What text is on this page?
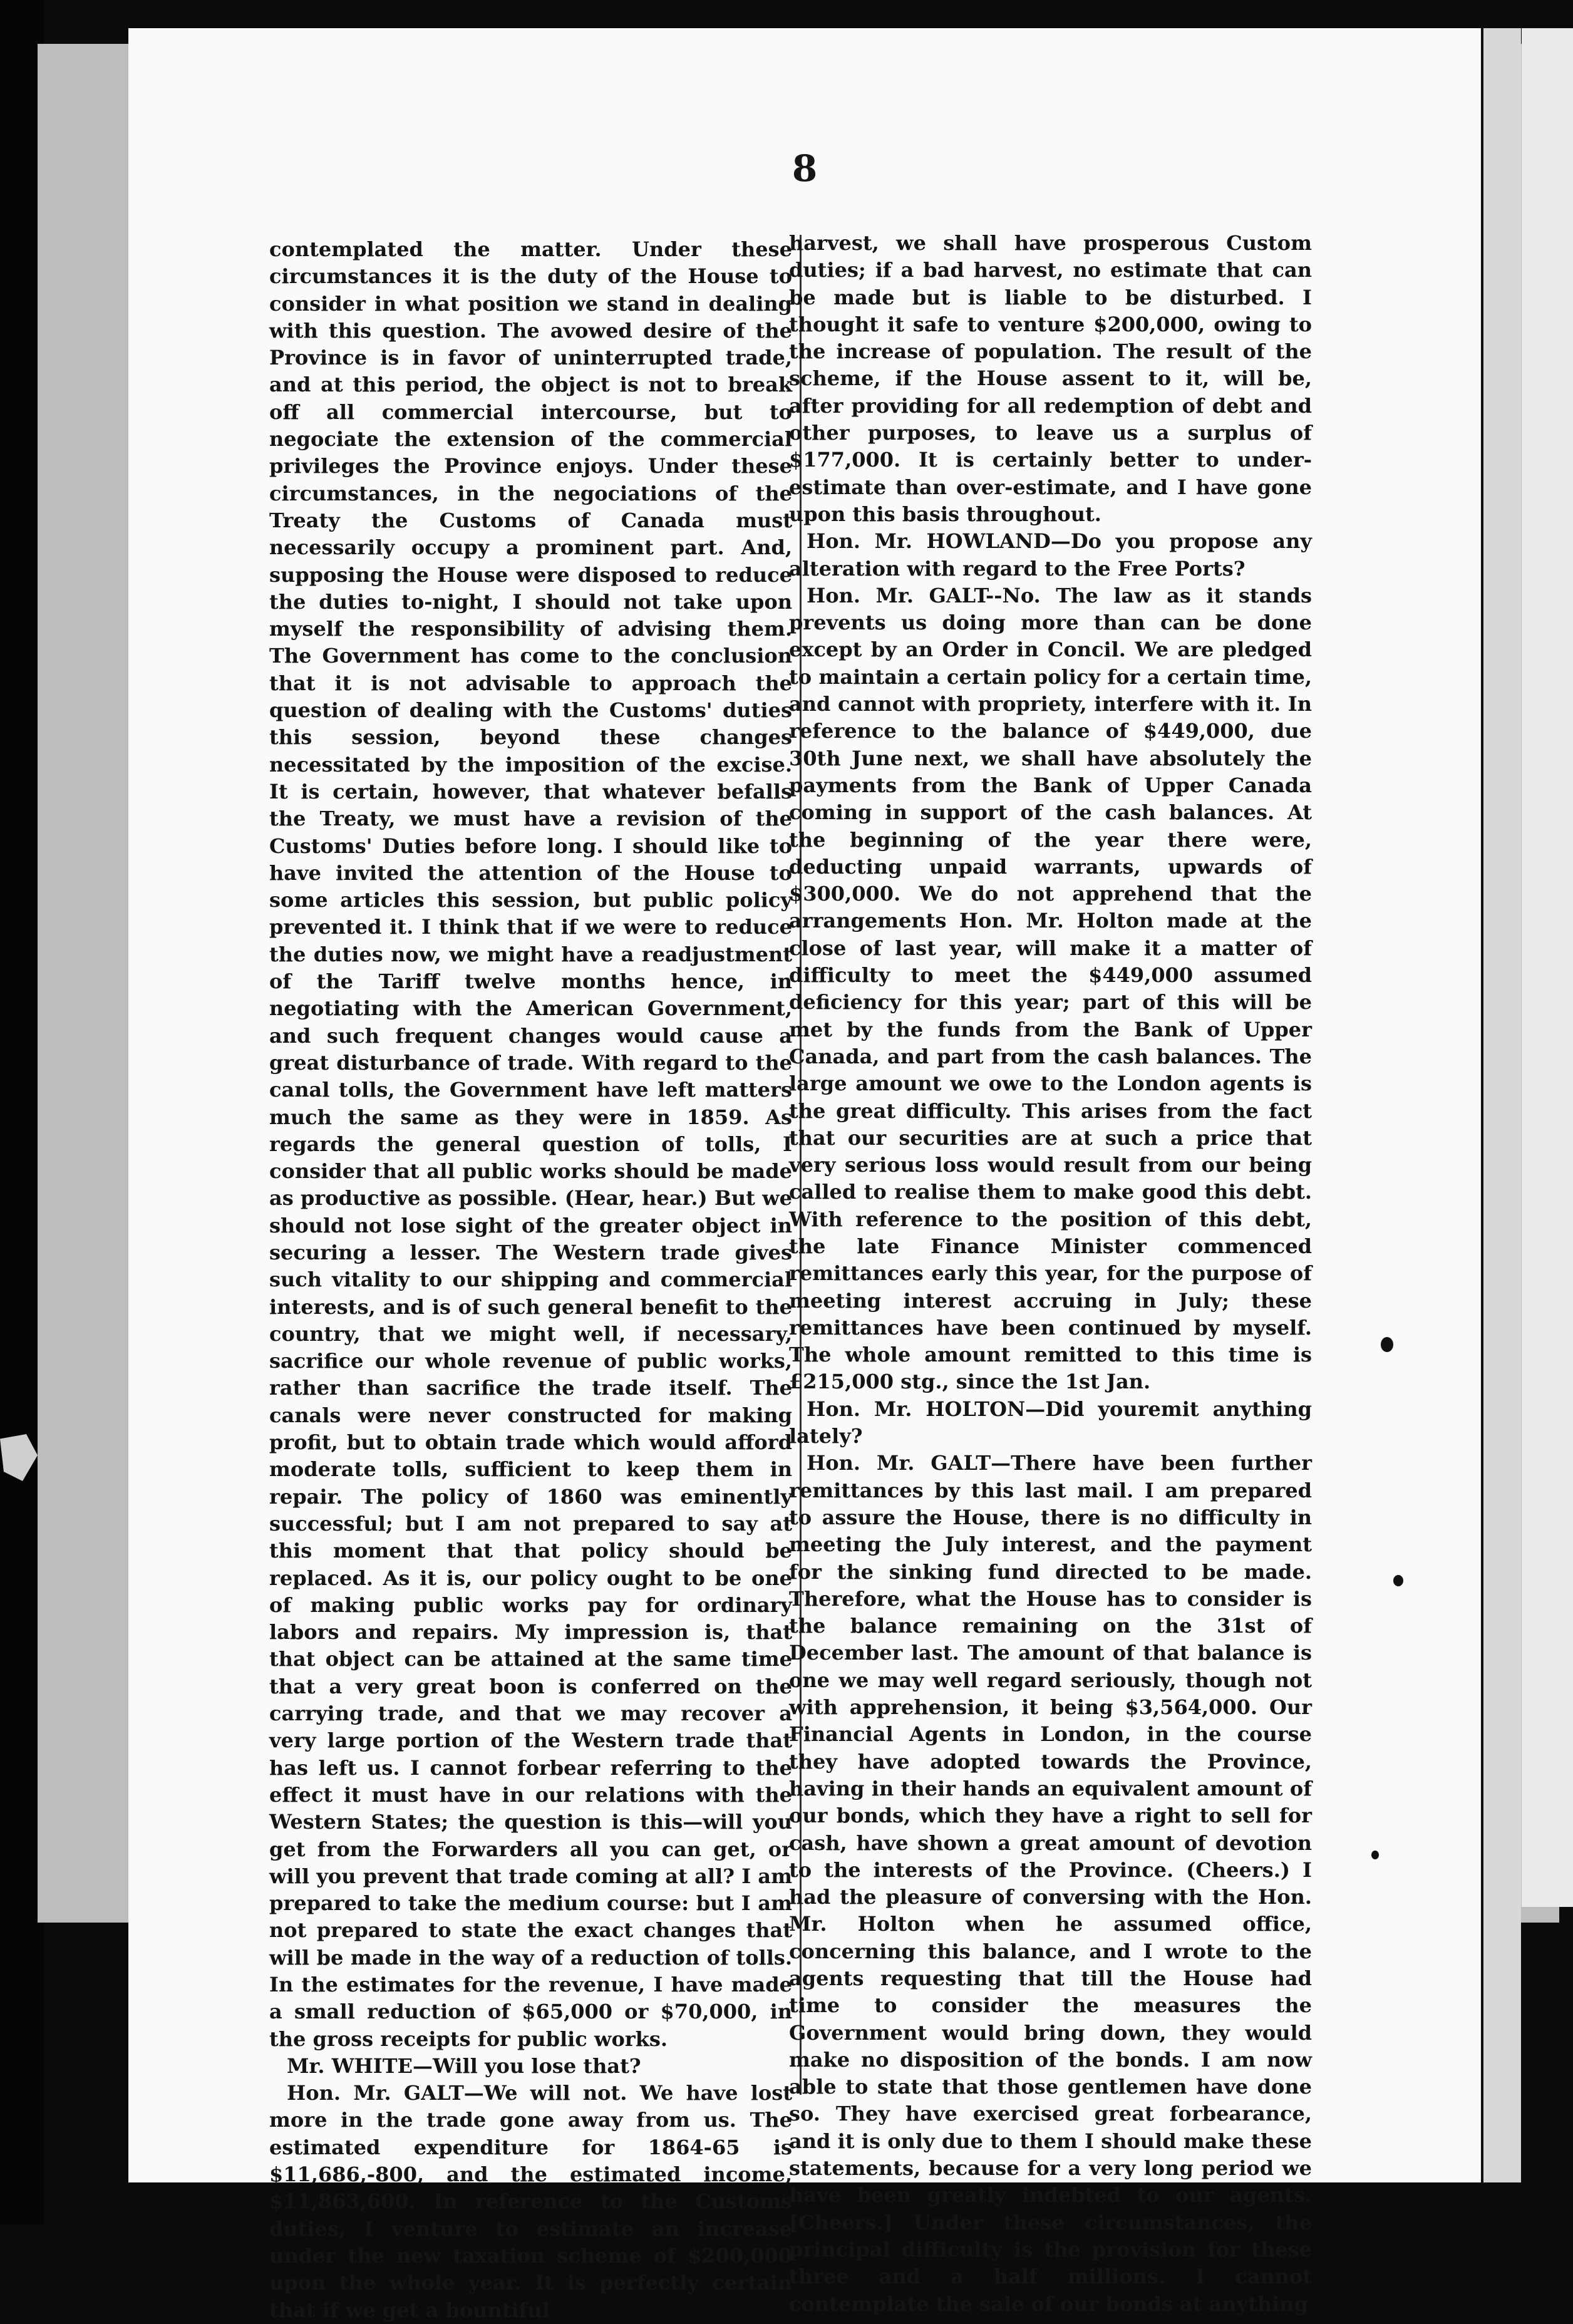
8

contemplated the matter. Under these circumstances it is the duty of the House to consider in what position we stand in dealing with this question. The avowed desire of the Province is in favor of uninterrupted trade, and at this period, the object is not to break off all commercial intercourse, but to negociate the extension of the commercial privileges the Province enjoys. Under these circumstances, in the negociations of the Treaty the Customs of Canada must necessarily occupy a prominent part. And, supposing the House were disposed to reduce the duties to-night, I should not take upon myself the responsibility of advising them. The Government has come to the conclusion that it is not advisable to approach the question of dealing with the Customs' duties this session, beyond these changes necessitated by the imposition of the excise. It is certain, however, that whatever befalls the Treaty, we must have a revision of the Customs' Duties before long. I should like to have invited the attention of the House to some articles this session, but public policy prevented it. I think that if we were to reduce the duties now, we might have a readjustment of the Tariff twelve months hence, in negotiating with the American Government, and such frequent changes would cause a great disturbance of trade. With regard to the canal tolls, the Government have left matters much the same as they were in 1859. As regards the general question of tolls, I consider that all public works should be made as productive as possible. (Hear, hear.) But we should not lose sight of the greater object in securing a lesser. The Western trade gives such vitality to our shipping and commercial interests, and is of such general benefit to the country, that we might well, if necessary, sacrifice our whole revenue of public works, rather than sacrifice the trade itself. The canals were never constructed for making profit, but to obtain trade which would afford moderate tolls, sufficient to keep them in repair. The policy of 1860 was eminently successful; but I am not prepared to say at this moment that that policy should be replaced. As it is, our policy ought to be one of making public works pay for ordinary labors and repairs. My impression is, that that object can be attained at the same time that a very great boon is conferred on the carrying trade, and that we may recover a very large portion of the Western trade that has left us. I cannot forbear referring to the effect it must have in our relations with the Western States; the question is this—will you get from the Forwarders all you can get, or will you prevent that trade coming at all? I am prepared to take the medium course: but I am not prepared to state the exact changes that will be made in the way of a reduction of tolls. In the estimates for the revenue, I have made a small reduction of $65,000 or $70,000, in the gross receipts for public works.

Mr. WHITE—Will you lose that?

Hon. Mr. GALT—We will not. We have lost more in the trade gone away from us. The estimated expenditure for 1864-65 is $11,686,-800, and the estimated income, $11,863,600. In reference to the Customs duties, I venture to estimate an increase under the new taxation scheme of $200,000 upon the whole year. It is perfectly certain that if we get a bountiful

harvest, we shall have prosperous Custom duties; if a bad harvest, no estimate that can be made but is liable to be disturbed. I thought it safe to venture $200,000, owing to the increase of population. The result of the scheme, if the House assent to it, will be, after providing for all redemption of debt and other purposes, to leave us a surplus of $177,000. It is certainly better to under-estimate than over-estimate, and I have gone upon this basis throughout.

Hon. Mr. HOWLAND—Do you propose any alteration with regard to the Free Ports?

Hon. Mr. GALT--No. The law as it stands prevents us doing more than can be done except by an Order in Concil. We are pledged to maintain a certain policy for a certain time, and cannot with propriety, interfere with it. In reference to the balance of $449,000, due 30th June next, we shall have absolutely the payments from the Bank of Upper Canada coming in support of the cash balances. At the beginning of the year there were, deducting unpaid warrants, upwards of $300,000. We do not apprehend that the arrangements Hon. Mr. Holton made at the close of last year, will make it a matter of difficulty to meet the $449,000 assumed deficiency for this year; part of this will be met by the funds from the Bank of Upper Canada, and part from the cash balances. The large amount we owe to the London agents is the great difficulty. This arises from the fact that our securities are at such a price that very serious loss would result from our being called to realise them to make good this debt. With reference to the position of this debt, the late Finance Minister commenced remittances early this year, for the purpose of meeting interest accruing in July; these remittances have been continued by myself. The whole amount remitted to this time is £215,000 stg., since the 1st Jan.

Hon. Mr. HOLTON—Did youremit anything lately?

Hon. Mr. GALT—There have been further remittances by this last mail. I am prepared to assure the House, there is no difficulty in meeting the July interest, and the payment for the sinking fund directed to be made. Therefore, what the House has to consider is the balance remaining on the 31st of December last. The amount of that balance is one we may well regard seriously, though not with apprehension, it being $3,564,000. Our Financial Agents in London, in the course they have adopted towards the Province, having in their hands an equivalent amount of our bonds, which they have a right to sell for cash, have shown a great amount of devotion to the interests of the Province. (Cheers.) I had the pleasure of conversing with the Hon. Mr. Holton when he assumed office, concerning this balance, and I wrote to the agents requesting that till the House had time to consider the measures the Government would bring down, they would make no disposition of the bonds. I am now able to state that those gentlemen have done so. They have exercised great forbearance, and it is only due to them I should make these statements, because for a very long period we have been greatly indebted to our agents. [Cheers.] Under these circumstances, the principal difficulty is the provision for these three and a half millions. I cannot contemplate the sale of our bonds at anything
